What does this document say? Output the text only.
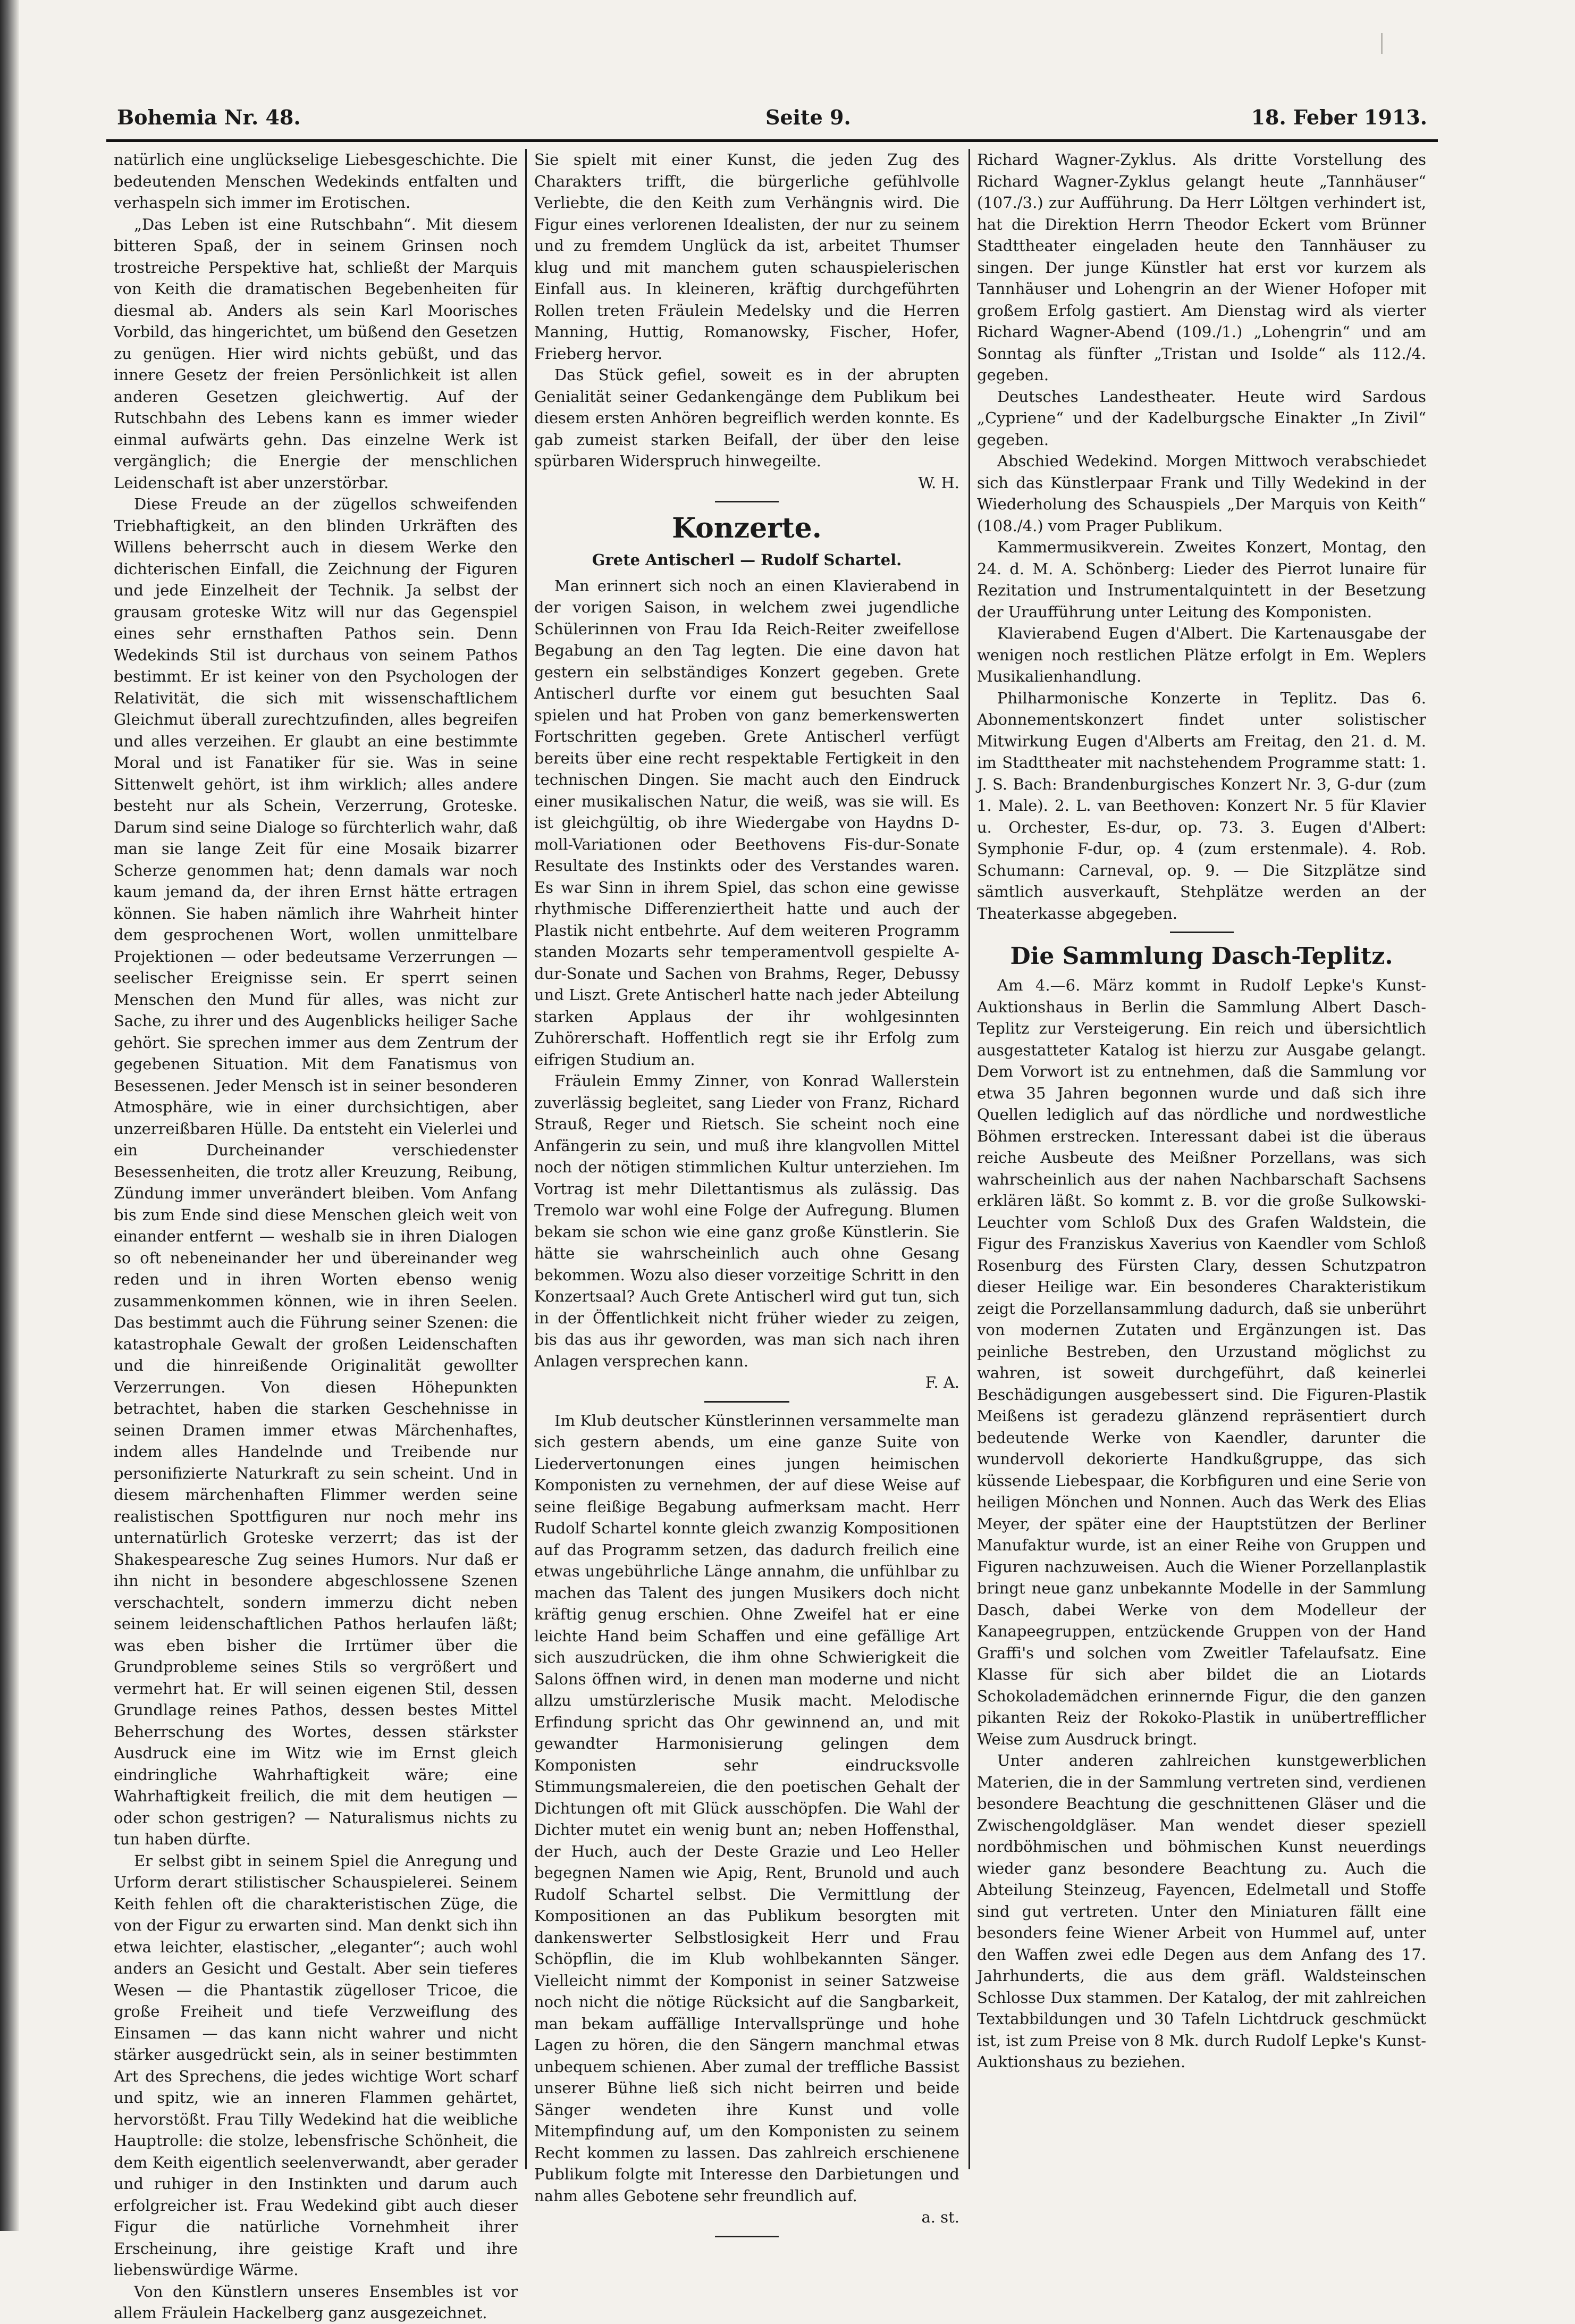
Bohemia Nr. 48.	Seite 9.	18. Feber 1913.

natürlich eine unglückselige Liebesgeschichte. Die bedeutenden Menschen Wedekinds entfalten und verhaspeln sich immer im Erotischen.

„Das Leben ist eine Rutschbahn“. Mit diesem bitteren Spaß, der in seinem Grinsen noch trostreiche Perspektive hat, schließt der Marquis von Keith die dramatischen Begebenheiten für diesmal ab. Anders als sein Karl Moorisches Vorbild, das hingerichtet, um büßend den Gesetzen zu genügen. Hier wird nichts gebüßt, und das innere Gesetz der freien Persönlichkeit ist allen anderen Gesetzen gleichwertig. Auf der Rutschbahn des Lebens kann es immer wieder einmal aufwärts gehn. Das einzelne Werk ist vergänglich; die Energie der menschlichen Leidenschaft ist aber unzerstörbar.

Diese Freude an der zügellos schweifenden Triebhaftigkeit, an den blinden Urkräften des Willens beherrscht auch in diesem Werke den dichterischen Einfall, die Zeichnung der Figuren und jede Einzelheit der Technik. Ja selbst der grausam groteske Witz will nur das Gegenspiel eines sehr ernsthaften Pathos sein. Denn Wedekinds Stil ist durchaus von seinem Pathos bestimmt. Er ist keiner von den Psychologen der Relativität, die sich mit wissenschaftlichem Gleichmut überall zurechtzufinden, alles begreifen und alles verzeihen. Er glaubt an eine bestimmte Moral und ist Fanatiker für sie. Was in seine Sittenwelt gehört, ist ihm wirklich; alles andere besteht nur als Schein, Verzerrung, Groteske. Darum sind seine Dialoge so fürchterlich wahr, daß man sie lange Zeit für eine Mosaik bizarrer Scherze genommen hat; denn damals war noch kaum jemand da, der ihren Ernst hätte ertragen können. Sie haben nämlich ihre Wahrheit hinter dem gesprochenen Wort, wollen unmittelbare Projektionen — oder bedeutsame Verzerrungen — seelischer Ereignisse sein. Er sperrt seinen Menschen den Mund für alles, was nicht zur Sache, zu ihrer und des Augenblicks heiliger Sache gehört. Sie sprechen immer aus dem Zentrum der gegebenen Situation. Mit dem Fanatismus von Besessenen. Jeder Mensch ist in seiner besonderen Atmosphäre, wie in einer durchsichtigen, aber unzerreißbaren Hülle. Da entsteht ein Vielerlei und ein Durcheinander verschiedenster Besessenheiten, die trotz aller Kreuzung, Reibung, Zündung immer unverändert bleiben. Vom Anfang bis zum Ende sind diese Menschen gleich weit von einander entfernt — weshalb sie in ihren Dialogen so oft nebeneinander her und übereinander weg reden und in ihren Worten ebenso wenig zusammenkommen können, wie in ihren Seelen. Das bestimmt auch die Führung seiner Szenen: die katastrophale Gewalt der großen Leidenschaften und die hinreißende Originalität gewollter Verzerrungen. Von diesen Höhepunkten betrachtet, haben die starken Geschehnisse in seinen Dramen immer etwas Märchenhaftes, indem alles Handelnde und Treibende nur personifizierte Naturkraft zu sein scheint. Und in diesem märchenhaften Flimmer werden seine realistischen Spottfiguren nur noch mehr ins unternatürlich Groteske verzerrt; das ist der Shakespearesche Zug seines Humors. Nur daß er ihn nicht in besondere abgeschlossene Szenen verschachtelt, sondern immerzu dicht neben seinem leidenschaftlichen Pathos herlaufen läßt; was eben bisher die Irrtümer über die Grundprobleme seines Stils so vergrößert und vermehrt hat. Er will seinen eigenen Stil, dessen Grundlage reines Pathos, dessen bestes Mittel Beherrschung des Wortes, dessen stärkster Ausdruck eine im Witz wie im Ernst gleich eindringliche Wahrhaftigkeit wäre; eine Wahrhaftigkeit freilich, die mit dem heutigen — oder schon gestrigen? — Naturalismus nichts zu tun haben dürfte.

Er selbst gibt in seinem Spiel die Anregung und Urform derart stilistischer Schauspielerei. Seinem Keith fehlen oft die charakteristischen Züge, die von der Figur zu erwarten sind. Man denkt sich ihn etwa leichter, elastischer, „eleganter“; auch wohl anders an Gesicht und Gestalt. Aber sein tieferes Wesen — die Phantastik zügelloser Tricoe, die große Freiheit und tiefe Verzweiflung des Einsamen — das kann nicht wahrer und nicht stärker ausgedrückt sein, als in seiner bestimmten Art des Sprechens, die jedes wichtige Wort scharf und spitz, wie an inneren Flammen gehärtet, hervorstößt. Frau Tilly Wedekind hat die weibliche Hauptrolle: die stolze, lebensfrische Schönheit, die dem Keith eigentlich seelenverwandt, aber gerader und ruhiger in den Instinkten und darum auch erfolgreicher ist. Frau Wedekind gibt auch dieser Figur die natürliche Vornehmheit ihrer Erscheinung, ihre geistige Kraft und ihre liebenswürdige Wärme.

Von den Künstlern unseres Ensembles ist vor allem Fräulein Hackelberg ganz ausgezeichnet.

Sie spielt mit einer Kunst, die jeden Zug des Charakters trifft, die bürgerliche gefühlvolle Verliebte, die den Keith zum Verhängnis wird. Die Figur eines verlorenen Idealisten, der nur zu seinem und zu fremdem Unglück da ist, arbeitet Thumser klug und mit manchem guten schauspielerischen Einfall aus. In kleineren, kräftig durchgeführten Rollen treten Fräulein Medelsky und die Herren Manning, Huttig, Romanowsky, Fischer, Hofer, Frieberg hervor.

Das Stück gefiel, soweit es in der abrupten Genialität seiner Gedankengänge dem Publikum bei diesem ersten Anhören begreiflich werden konnte. Es gab zumeist starken Beifall, der über den leise spürbaren Widerspruch hinwegeilte.

W. H.
Konzerte.
Grete Antischerl — Rudolf Schartel.

Man erinnert sich noch an einen Klavierabend in der vorigen Saison, in welchem zwei jugendliche Schülerinnen von Frau Ida Reich-Reiter zweifellose Begabung an den Tag legten. Die eine davon hat gestern ein selbständiges Konzert gegeben. Grete Antischerl durfte vor einem gut besuchten Saal spielen und hat Proben von ganz bemerkenswerten Fortschritten gegeben. Grete Antischerl verfügt bereits über eine recht respektable Fertigkeit in den technischen Dingen. Sie macht auch den Eindruck einer musikalischen Natur, die weiß, was sie will. Es ist gleichgültig, ob ihre Wiedergabe von Haydns D-moll-Variationen oder Beethovens Fis-dur-Sonate Resultate des Instinkts oder des Verstandes waren. Es war Sinn in ihrem Spiel, das schon eine gewisse rhythmische Differenziertheit hatte und auch der Plastik nicht entbehrte. Auf dem weiteren Programm standen Mozarts sehr temperamentvoll gespielte A-dur-Sonate und Sachen von Brahms, Reger, Debussy und Liszt. Grete Antischerl hatte nach jeder Abteilung starken Applaus der ihr wohlgesinnten Zuhörerschaft. Hoffentlich regt sie ihr Erfolg zum eifrigen Studium an.

Fräulein Emmy Zinner, von Konrad Wallerstein zuverlässig begleitet, sang Lieder von Franz, Richard Strauß, Reger und Rietsch. Sie scheint noch eine Anfängerin zu sein, und muß ihre klangvollen Mittel noch der nötigen stimmlichen Kultur unterziehen. Im Vortrag ist mehr Dilettantismus als zulässig. Das Tremolo war wohl eine Folge der Aufregung. Blumen bekam sie schon wie eine ganz große Künstlerin. Sie hätte sie wahrscheinlich auch ohne Gesang bekommen. Wozu also dieser vorzeitige Schritt in den Konzertsaal? Auch Grete Antischerl wird gut tun, sich in der Öffentlichkeit nicht früher wieder zu zeigen, bis das aus ihr geworden, was man sich nach ihren Anlagen versprechen kann.

F. A.

Im Klub deutscher Künstlerinnen versammelte man sich gestern abends, um eine ganze Suite von Liedervertonungen eines jungen heimischen Komponisten zu vernehmen, der auf diese Weise auf seine fleißige Begabung aufmerksam macht. Herr Rudolf Schartel konnte gleich zwanzig Kompositionen auf das Programm setzen, das dadurch freilich eine etwas ungebührliche Länge annahm, die unfühlbar zu machen das Talent des jungen Musikers doch nicht kräftig genug erschien. Ohne Zweifel hat er eine leichte Hand beim Schaffen und eine gefällige Art sich auszudrücken, die ihm ohne Schwierigkeit die Salons öffnen wird, in denen man moderne und nicht allzu umstürzlerische Musik macht. Melodische Erfindung spricht das Ohr gewinnend an, und mit gewandter Harmonisierung gelingen dem Komponisten sehr eindrucksvolle Stimmungsmalereien, die den poetischen Gehalt der Dichtungen oft mit Glück ausschöpfen. Die Wahl der Dichter mutet ein wenig bunt an; neben Hoffensthal, der Huch, auch der Deste Grazie und Leo Heller begegnen Namen wie Apig, Rent, Brunold und auch Rudolf Schartel selbst. Die Vermittlung der Kompositionen an das Publikum besorgten mit dankenswerter Selbstlosigkeit Herr und Frau Schöpflin, die im Klub wohlbekannten Sänger. Vielleicht nimmt der Komponist in seiner Satzweise noch nicht die nötige Rücksicht auf die Sangbarkeit, man bekam auffällige Intervallsprünge und hohe Lagen zu hören, die den Sängern manchmal etwas unbequem schienen. Aber zumal der treffliche Bassist unserer Bühne ließ sich nicht beirren und beide Sänger wendeten ihre Kunst und volle Mitempfindung auf, um den Komponisten zu seinem Recht kommen zu lassen. Das zahlreich erschienene Publikum folgte mit Interesse den Darbietungen und nahm alles Gebotene sehr freundlich auf.

a. st.

Richard Wagner-Zyklus. Als dritte Vorstellung des Richard Wagner-Zyklus gelangt heute „Tannhäuser“ (107./3.) zur Aufführung. Da Herr Löltgen verhindert ist, hat die Direktion Herrn Theodor Eckert vom Brünner Stadttheater eingeladen heute den Tannhäuser zu singen. Der junge Künstler hat erst vor kurzem als Tannhäuser und Lohengrin an der Wiener Hofoper mit großem Erfolg gastiert. Am Dienstag wird als vierter Richard Wagner-Abend (109./1.) „Lohengrin“ und am Sonntag als fünfter „Tristan und Isolde“ als 112./4. gegeben.

Deutsches Landestheater. Heute wird Sardous „Cypriene“ und der Kadelburgsche Einakter „In Zivil“ gegeben.

Abschied Wedekind. Morgen Mittwoch verabschiedet sich das Künstlerpaar Frank und Tilly Wedekind in der Wiederholung des Schauspiels „Der Marquis von Keith“ (108./4.) vom Prager Publikum.

Kammermusikverein. Zweites Konzert, Montag, den 24. d. M. A. Schönberg: Lieder des Pierrot lunaire für Rezitation und Instrumentalquintett in der Besetzung der Uraufführung unter Leitung des Komponisten.

Klavierabend Eugen d'Albert. Die Kartenausgabe der wenigen noch restlichen Plätze erfolgt in Em. Weplers Musikalienhandlung.

Philharmonische Konzerte in Teplitz. Das 6. Abonnementskonzert findet unter solistischer Mitwirkung Eugen d'Alberts am Freitag, den 21. d. M. im Stadttheater mit nachstehendem Programme statt: 1. J. S. Bach: Brandenburgisches Konzert Nr. 3, G-dur (zum 1. Male). 2. L. van Beethoven: Konzert Nr. 5 für Klavier u. Orchester, Es-dur, op. 73. 3. Eugen d'Albert: Symphonie F-dur, op. 4 (zum erstenmale). 4. Rob. Schumann: Carneval, op. 9. — Die Sitzplätze sind sämtlich ausverkauft, Stehplätze werden an der Theaterkasse abgegeben.

Die Sammlung Dasch-Teplitz.

Am 4.—6. März kommt in Rudolf Lepke's Kunst-Auktionshaus in Berlin die Sammlung Albert Dasch-Teplitz zur Versteigerung. Ein reich und übersichtlich ausgestatteter Katalog ist hierzu zur Ausgabe gelangt. Dem Vorwort ist zu entnehmen, daß die Sammlung vor etwa 35 Jahren begonnen wurde und daß sich ihre Quellen lediglich auf das nördliche und nordwestliche Böhmen erstrecken. Interessant dabei ist die überaus reiche Ausbeute des Meißner Porzellans, was sich wahrscheinlich aus der nahen Nachbarschaft Sachsens erklären läßt. So kommt z. B. vor die große Sulkowski-Leuchter vom Schloß Dux des Grafen Waldstein, die Figur des Franziskus Xaverius von Kaendler vom Schloß Rosenburg des Fürsten Clary, dessen Schutzpatron dieser Heilige war. Ein besonderes Charakteristikum zeigt die Porzellansammlung dadurch, daß sie unberührt von modernen Zutaten und Ergänzungen ist. Das peinliche Bestreben, den Urzustand möglichst zu wahren, ist soweit durchgeführt, daß keinerlei Beschädigungen ausgebessert sind. Die Figuren-Plastik Meißens ist geradezu glänzend repräsentiert durch bedeutende Werke von Kaendler, darunter die wundervoll dekorierte Handkußgruppe, das sich küssende Liebespaar, die Korbfiguren und eine Serie von heiligen Mönchen und Nonnen. Auch das Werk des Elias Meyer, der später eine der Hauptstützen der Berliner Manufaktur wurde, ist an einer Reihe von Gruppen und Figuren nachzuweisen. Auch die Wiener Porzellanplastik bringt neue ganz unbekannte Modelle in der Sammlung Dasch, dabei Werke von dem Modelleur der Kanapeegruppen, entzückende Gruppen von der Hand Graffi's und solchen vom Zweitler Tafelaufsatz. Eine Klasse für sich aber bildet die an Liotards Schokolademädchen erinnernde Figur, die den ganzen pikanten Reiz der Rokoko-Plastik in unübertrefflicher Weise zum Ausdruck bringt.

Unter anderen zahlreichen kunstgewerblichen Materien, die in der Sammlung vertreten sind, verdienen besondere Beachtung die geschnittenen Gläser und die Zwischengoldgläser. Man wendet dieser speziell nordböhmischen und böhmischen Kunst neuerdings wieder ganz besondere Beachtung zu. Auch die Abteilung Steinzeug, Fayencen, Edelmetall und Stoffe sind gut vertreten. Unter den Miniaturen fällt eine besonders feine Wiener Arbeit von Hummel auf, unter den Waffen zwei edle Degen aus dem Anfang des 17. Jahrhunderts, die aus dem gräfl. Waldsteinschen Schlosse Dux stammen. Der Katalog, der mit zahlreichen Textabbildungen und 30 Tafeln Lichtdruck geschmückt ist, ist zum Preise von 8 Mk. durch Rudolf Lepke's Kunst-Auktionshaus zu beziehen.
